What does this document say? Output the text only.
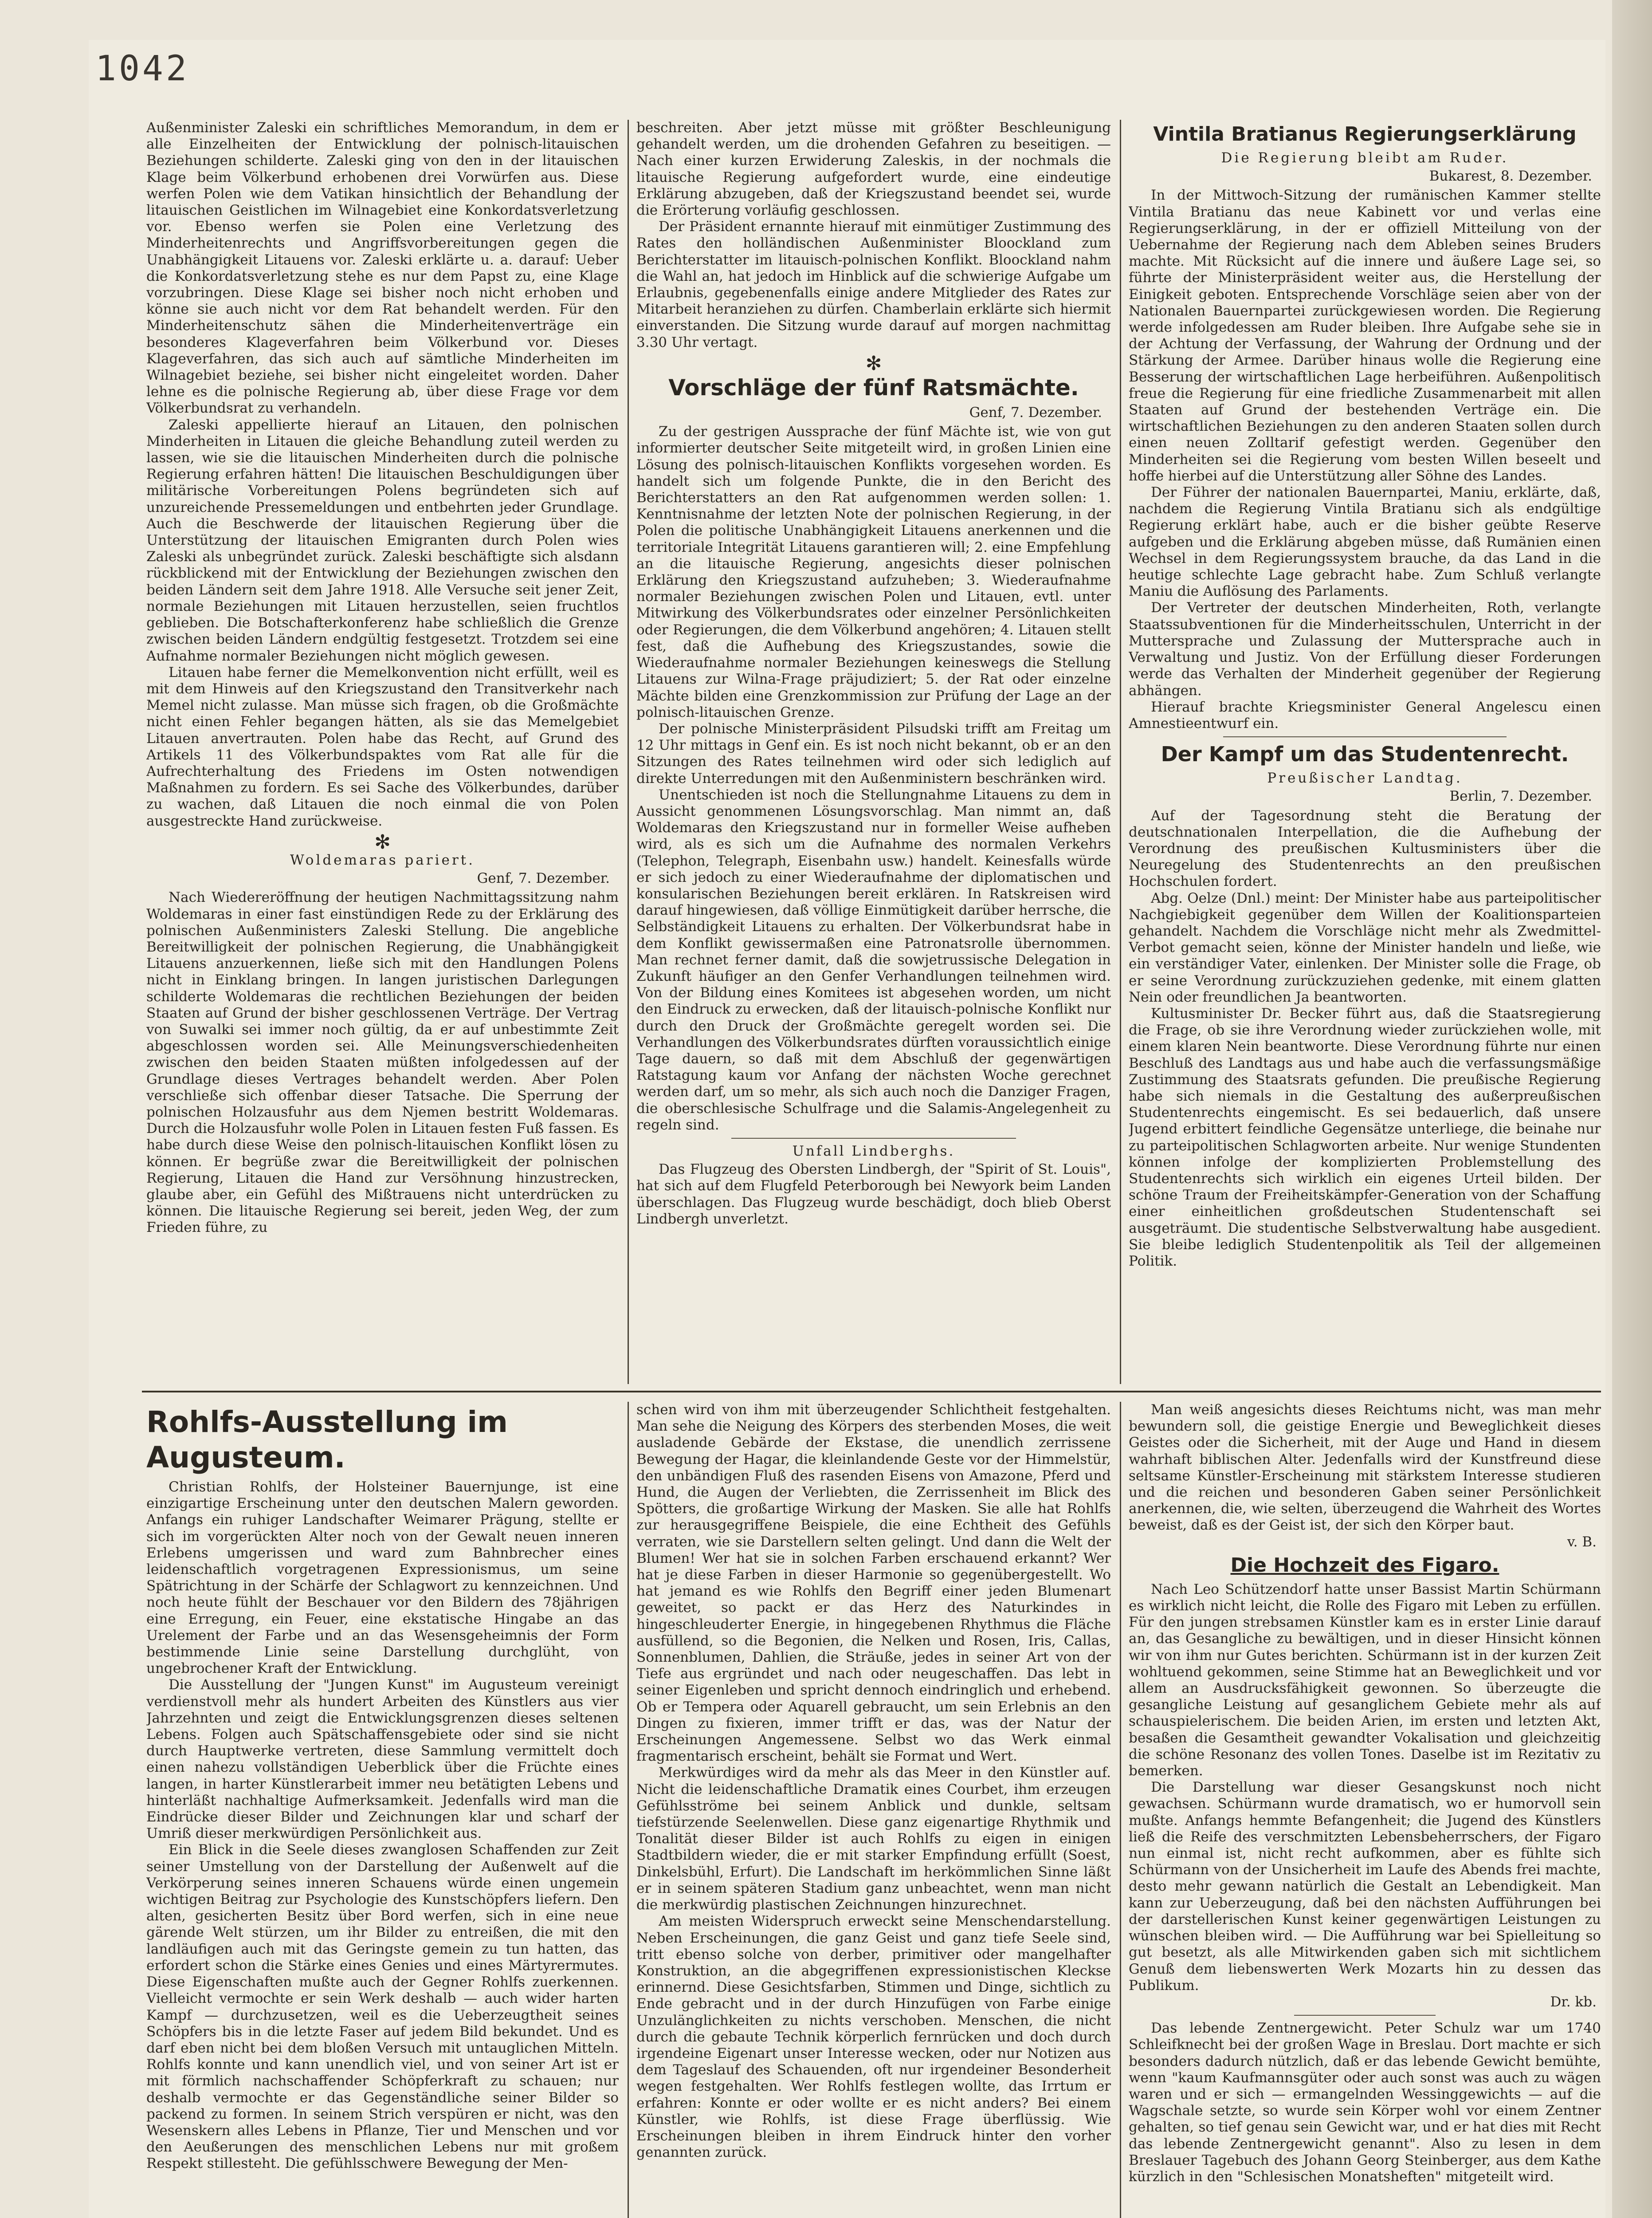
1042

Außenminister Zaleski ein schriftliches Memorandum, in dem er alle Einzelheiten der Entwicklung der polnisch-litauischen Beziehungen schilderte. Zaleski ging von den in der litauischen Klage beim Völkerbund erhobenen drei Vorwürfen aus. Diese werfen Polen wie dem Vatikan hinsichtlich der Behandlung der litauischen Geistlichen im Wilnagebiet eine Konkordatsverletzung vor. Ebenso werfen sie Polen eine Verletzung des Minderheitenrechts und Angriffsvorbereitungen gegen die Unabhängigkeit Litauens vor. Zaleski erklärte u. a. darauf: Ueber die Konkordatsverletzung stehe es nur dem Papst zu, eine Klage vorzubringen. Diese Klage sei bisher noch nicht erhoben und könne sie auch nicht vor dem Rat behandelt werden. Für den Minderheitenschutz sähen die Minderheitenverträge ein besonderes Klageverfahren beim Völkerbund vor. Dieses Klageverfahren, das sich auch auf sämtliche Minderheiten im Wilnagebiet beziehe, sei bisher nicht eingeleitet worden. Daher lehne es die polnische Regierung ab, über diese Frage vor dem Völkerbundsrat zu verhandeln.

Zaleski appellierte hierauf an Litauen, den polnischen Minderheiten in Litauen die gleiche Behandlung zuteil werden zu lassen, wie sie die litauischen Minderheiten durch die polnische Regierung erfahren hätten! Die litauischen Beschuldigungen über militärische Vorbereitungen Polens begründeten sich auf unzureichende Pressemeldungen und entbehrten jeder Grundlage. Auch die Beschwerde der litauischen Regierung über die Unterstützung der litauischen Emigranten durch Polen wies Zaleski als unbegründet zurück. Zaleski beschäftigte sich alsdann rückblickend mit der Entwicklung der Beziehungen zwischen den beiden Ländern seit dem Jahre 1918. Alle Versuche seit jener Zeit, normale Beziehungen mit Litauen herzustellen, seien fruchtlos geblieben. Die Botschafterkonferenz habe schließlich die Grenze zwischen beiden Ländern endgültig festgesetzt. Trotzdem sei eine Aufnahme normaler Beziehungen nicht möglich gewesen.

Litauen habe ferner die Memelkonvention nicht erfüllt, weil es mit dem Hinweis auf den Kriegszustand den Transitverkehr nach Memel nicht zulasse. Man müsse sich fragen, ob die Großmächte nicht einen Fehler begangen hätten, als sie das Memelgebiet Litauen anvertrauten. Polen habe das Recht, auf Grund des Artikels 11 des Völkerbundspaktes vom Rat alle für die Aufrechterhaltung des Friedens im Osten notwendigen Maßnahmen zu fordern. Es sei Sache des Völkerbundes, darüber zu wachen, daß Litauen die noch einmal die von Polen ausgestreckte Hand zurückweise.

✻
Woldemaras pariert.
Genf, 7. Dezember.

Nach Wiedereröffnung der heutigen Nachmittagssitzung nahm Woldemaras in einer fast einstündigen Rede zu der Erklärung des polnischen Außenministers Zaleski Stellung. Die angebliche Bereitwilligkeit der polnischen Regierung, die Unabhängigkeit Litauens anzuerkennen, ließe sich mit den Handlungen Polens nicht in Einklang bringen. In langen juristischen Darlegungen schilderte Woldemaras die rechtlichen Beziehungen der beiden Staaten auf Grund der bisher geschlossenen Verträge. Der Vertrag von Suwalki sei immer noch gültig, da er auf unbestimmte Zeit abgeschlossen worden sei. Alle Meinungsverschiedenheiten zwischen den beiden Staaten müßten infolgedessen auf der Grundlage dieses Vertrages behandelt werden. Aber Polen verschließe sich offenbar dieser Tatsache. Die Sperrung der polnischen Holzausfuhr aus dem Njemen bestritt Woldemaras. Durch die Holzausfuhr wolle Polen in Litauen festen Fuß fassen. Es habe durch diese Weise den polnisch-litauischen Konflikt lösen zu können. Er begrüße zwar die Bereitwilligkeit der polnischen Regierung, Litauen die Hand zur Versöhnung hinzustrecken, glaube aber, ein Gefühl des Mißtrauens nicht unterdrücken zu können. Die litauische Regierung sei bereit, jeden Weg, der zum Frieden führe, zu

beschreiten. Aber jetzt müsse mit größter Beschleunigung gehandelt werden, um die drohenden Gefahren zu beseitigen. — Nach einer kurzen Erwiderung Zaleskis, in der nochmals die litauische Regierung aufgefordert wurde, eine eindeutige Erklärung abzugeben, daß der Kriegszustand beendet sei, wurde die Erörterung vorläufig geschlossen.

Der Präsident ernannte hierauf mit einmütiger Zustimmung des Rates den holländischen Außenminister Bloockland zum Berichterstatter im litauisch-polnischen Konflikt. Bloockland nahm die Wahl an, hat jedoch im Hinblick auf die schwierige Aufgabe um Erlaubnis, gegebenenfalls einige andere Mitglieder des Rates zur Mitarbeit heranziehen zu dürfen. Chamberlain erklärte sich hiermit einverstanden. Die Sitzung wurde darauf auf morgen nachmittag 3.30 Uhr vertagt.

✻
Vorschläge der fünf Ratsmächte.
Genf, 7. Dezember.

Zu der gestrigen Aussprache der fünf Mächte ist, wie von gut informierter deutscher Seite mitgeteilt wird, in großen Linien eine Lösung des polnisch-litauischen Konflikts vorgesehen worden. Es handelt sich um folgende Punkte, die in den Bericht des Berichterstatters an den Rat aufgenommen werden sollen: 1. Kenntnisnahme der letzten Note der polnischen Regierung, in der Polen die politische Unabhängigkeit Litauens anerkennen und die territoriale Integrität Litauens garantieren will; 2. eine Empfehlung an die litauische Regierung, angesichts dieser polnischen Erklärung den Kriegszustand aufzuheben; 3. Wiederaufnahme normaler Beziehungen zwischen Polen und Litauen, evtl. unter Mitwirkung des Völkerbundsrates oder einzelner Persönlichkeiten oder Regierungen, die dem Völkerbund angehören; 4. Litauen stellt fest, daß die Aufhebung des Kriegszustandes, sowie die Wiederaufnahme normaler Beziehungen keineswegs die Stellung Litauens zur Wilna-Frage präjudiziert; 5. der Rat oder einzelne Mächte bilden eine Grenzkommission zur Prüfung der Lage an der polnisch-litauischen Grenze.

Der polnische Ministerpräsident Pilsudski trifft am Freitag um 12 Uhr mittags in Genf ein. Es ist noch nicht bekannt, ob er an den Sitzungen des Rates teilnehmen wird oder sich lediglich auf direkte Unterredungen mit den Außenministern beschränken wird.

Unentschieden ist noch die Stellungnahme Litauens zu dem in Aussicht genommenen Lösungsvorschlag. Man nimmt an, daß Woldemaras den Kriegszustand nur in formeller Weise aufheben wird, als es sich um die Aufnahme des normalen Verkehrs (Telephon, Telegraph, Eisenbahn usw.) handelt. Keinesfalls würde er sich jedoch zu einer Wiederaufnahme der diplomatischen und konsularischen Beziehungen bereit erklären. In Ratskreisen wird darauf hingewiesen, daß völlige Einmütigkeit darüber herrsche, die Selbständigkeit Litauens zu erhalten. Der Völkerbundsrat habe in dem Konflikt gewissermaßen eine Patronatsrolle übernommen. Man rechnet ferner damit, daß die sowjetrussische Delegation in Zukunft häufiger an den Genfer Verhandlungen teilnehmen wird. Von der Bildung eines Komitees ist abgesehen worden, um nicht den Eindruck zu erwecken, daß der litauisch-polnische Konflikt nur durch den Druck der Großmächte geregelt worden sei. Die Verhandlungen des Völkerbundsrates dürften voraussichtlich einige Tage dauern, so daß mit dem Abschluß der gegenwärtigen Ratstagung kaum vor Anfang der nächsten Woche gerechnet werden darf, um so mehr, als sich auch noch die Danziger Fragen, die oberschlesische Schulfrage und die Salamis-Angelegenheit zu regeln sind.

Unfall Lindberghs.

Das Flugzeug des Obersten Lindbergh, der "Spirit of St. Louis", hat sich auf dem Flugfeld Peterborough bei Newyork beim Landen überschlagen. Das Flugzeug wurde beschädigt, doch blieb Oberst Lindbergh unverletzt.

Vintila Bratianus Regierungserklärung
Die Regierung bleibt am Ruder.
Bukarest, 8. Dezember.

In der Mittwoch-Sitzung der rumänischen Kammer stellte Vintila Bratianu das neue Kabinett vor und verlas eine Regierungserklärung, in der er offiziell Mitteilung von der Uebernahme der Regierung nach dem Ableben seines Bruders machte. Mit Rücksicht auf die innere und äußere Lage sei, so führte der Ministerpräsident weiter aus, die Herstellung der Einigkeit geboten. Entsprechende Vorschläge seien aber von der Nationalen Bauernpartei zurückgewiesen worden. Die Regierung werde infolgedessen am Ruder bleiben. Ihre Aufgabe sehe sie in der Achtung der Verfassung, der Wahrung der Ordnung und der Stärkung der Armee. Darüber hinaus wolle die Regierung eine Besserung der wirtschaftlichen Lage herbeiführen. Außenpolitisch freue die Regierung für eine friedliche Zusammenarbeit mit allen Staaten auf Grund der bestehenden Verträge ein. Die wirtschaftlichen Beziehungen zu den anderen Staaten sollen durch einen neuen Zolltarif gefestigt werden. Gegenüber den Minderheiten sei die Regierung vom besten Willen beseelt und hoffe hierbei auf die Unterstützung aller Söhne des Landes.

Der Führer der nationalen Bauernpartei, Maniu, erklärte, daß, nachdem die Regierung Vintila Bratianu sich als endgültige Regierung erklärt habe, auch er die bisher geübte Reserve aufgeben und die Erklärung abgeben müsse, daß Rumänien einen Wechsel in dem Regierungssystem brauche, da das Land in die heutige schlechte Lage gebracht habe. Zum Schluß verlangte Maniu die Auflösung des Parlaments.

Der Vertreter der deutschen Minderheiten, Roth, verlangte Staatssubventionen für die Minderheitsschulen, Unterricht in der Muttersprache und Zulassung der Muttersprache auch in Verwaltung und Justiz. Von der Erfüllung dieser Forderungen werde das Verhalten der Minderheit gegenüber der Regierung abhängen.

Hierauf brachte Kriegsminister General Angelescu einen Amnestieentwurf ein.

Der Kampf um das Studentenrecht.
Preußischer Landtag.
Berlin, 7. Dezember.

Auf der Tagesordnung steht die Beratung der deutschnationalen Interpellation, die die Aufhebung der Verordnung des preußischen Kultusministers über die Neuregelung des Studentenrechts an den preußischen Hochschulen fordert.

Abg. Oelze (Dnl.) meint: Der Minister habe aus parteipolitischer Nachgiebigkeit gegenüber dem Willen der Koalitionsparteien gehandelt. Nachdem die Vorschläge nicht mehr als Zwedmittel-Verbot gemacht seien, könne der Minister handeln und ließe, wie ein verständiger Vater, einlenken. Der Minister solle die Frage, ob er seine Verordnung zurückzuziehen gedenke, mit einem glatten Nein oder freundlichen Ja beantworten.

Kultusminister Dr. Becker führt aus, daß die Staatsregierung die Frage, ob sie ihre Verordnung wieder zurückziehen wolle, mit einem klaren Nein beantworte. Diese Verordnung führte nur einen Beschluß des Landtags aus und habe auch die verfassungsmäßige Zustimmung des Staatsrats gefunden. Die preußische Regierung habe sich niemals in die Gestaltung des außerpreußischen Studentenrechts eingemischt. Es sei bedauerlich, daß unsere Jugend erbittert feindliche Gegensätze unterliege, die beinahe nur zu parteipolitischen Schlagworten arbeite. Nur wenige Stundenten können infolge der komplizierten Problemstellung des Studentenrechts sich wirklich ein eigenes Urteil bilden. Der schöne Traum der Freiheitskämpfer-Generation von der Schaffung einer einheitlichen großdeutschen Studentenschaft sei ausgeträumt. Die studentische Selbstverwaltung habe ausgedient. Sie bleibe lediglich Studentenpolitik als Teil der allgemeinen Politik.

Rohlfs-Ausstellung im Augusteum.

Christian Rohlfs, der Holsteiner Bauernjunge, ist eine einzigartige Erscheinung unter den deutschen Malern geworden. Anfangs ein ruhiger Landschafter Weimarer Prägung, stellte er sich im vorgerückten Alter noch von der Gewalt neuen inneren Erlebens umgerissen und ward zum Bahnbrecher eines leidenschaftlich vorgetragenen Expressionismus, um seine Spätrichtung in der Schärfe der Schlagwort zu kennzeichnen. Und noch heute fühlt der Beschauer vor den Bildern des 78jährigen eine Erregung, ein Feuer, eine ekstatische Hingabe an das Urelement der Farbe und an das Wesensgeheimnis der Form bestimmende Linie seine Darstellung durchglüht, von ungebrochener Kraft der Entwicklung.

Die Ausstellung der "Jungen Kunst" im Augusteum vereinigt verdienstvoll mehr als hundert Arbeiten des Künstlers aus vier Jahrzehnten und zeigt die Entwicklungsgrenzen dieses seltenen Lebens. Folgen auch Spätschaffensgebiete oder sind sie nicht durch Hauptwerke vertreten, diese Sammlung vermittelt doch einen nahezu vollständigen Ueberblick über die Früchte eines langen, in harter Künstlerarbeit immer neu betätigten Lebens und hinterläßt nachhaltige Aufmerksamkeit. Jedenfalls wird man die Eindrücke dieser Bilder und Zeichnungen klar und scharf der Umriß dieser merkwürdigen Persönlichkeit aus.

Ein Blick in die Seele dieses zwanglosen Schaffenden zur Zeit seiner Umstellung von der Darstellung der Außenwelt auf die Verkörperung seines inneren Schauens würde einen ungemein wichtigen Beitrag zur Psychologie des Kunstschöpfers liefern. Den alten, gesicherten Besitz über Bord werfen, sich in eine neue gärende Welt stürzen, um ihr Bilder zu entreißen, die mit den landläufigen auch mit das Geringste gemein zu tun hatten, das erfordert schon die Stärke eines Genies und eines Märtyrermutes. Diese Eigenschaften mußte auch der Gegner Rohlfs zuerkennen. Vielleicht vermochte er sein Werk deshalb — auch wider harten Kampf — durchzusetzen, weil es die Ueberzeugtheit seines Schöpfers bis in die letzte Faser auf jedem Bild bekundet. Und es darf eben nicht bei dem bloßen Versuch mit untauglichen Mitteln. Rohlfs konnte und kann unendlich viel, und von seiner Art ist er mit förmlich nachschaffender Schöpferkraft zu schauen; nur deshalb vermochte er das Gegenständliche seiner Bilder so packend zu formen. In seinem Strich verspüren er nicht, was den Wesenskern alles Lebens in Pflanze, Tier und Menschen und vor den Aeußerungen des menschlichen Lebens nur mit großem Respekt stillesteht. Die gefühlsschwere Bewegung der Men-

schen wird von ihm mit überzeugender Schlichtheit festgehalten. Man sehe die Neigung des Körpers des sterbenden Moses, die weit ausladende Gebärde der Ekstase, die unendlich zerrissene Bewegung der Hagar, die kleinlandende Geste vor der Himmelstür, den unbändigen Fluß des rasenden Eisens von Amazone, Pferd und Hund, die Augen der Verliebten, die Zerrissenheit im Blick des Spötters, die großartige Wirkung der Masken. Sie alle hat Rohlfs zur herausgegriffene Beispiele, die eine Echtheit des Gefühls verraten, wie sie Darstellern selten gelingt. Und dann die Welt der Blumen! Wer hat sie in solchen Farben erschauend erkannt? Wer hat je diese Farben in dieser Harmonie so gegenübergestellt. Wo hat jemand es wie Rohlfs den Begriff einer jeden Blumenart geweitet, so packt er das Herz des Naturkindes in hingeschleuderter Energie, in hingegebenen Rhythmus die Fläche ausfüllend, so die Begonien, die Nelken und Rosen, Iris, Callas, Sonnenblumen, Dahlien, die Sträuße, jedes in seiner Art von der Tiefe aus ergründet und nach oder neugeschaffen. Das lebt in seiner Eigenleben und spricht dennoch eindringlich und erhebend. Ob er Tempera oder Aquarell gebraucht, um sein Erlebnis an den Dingen zu fixieren, immer trifft er das, was der Natur der Erscheinungen Angemessene. Selbst wo das Werk einmal fragmentarisch erscheint, behält sie Format und Wert.

Merkwürdiges wird da mehr als das Meer in den Künstler auf. Nicht die leidenschaftliche Dramatik eines Courbet, ihm erzeugen Gefühlsströme bei seinem Anblick und dunkle, seltsam tiefstürzende Seelenwellen. Diese ganz eigenartige Rhythmik und Tonalität dieser Bilder ist auch Rohlfs zu eigen in einigen Stadtbildern wieder, die er mit starker Empfindung erfüllt (Soest, Dinkelsbühl, Erfurt). Die Landschaft im herkömmlichen Sinne läßt er in seinem späteren Stadium ganz unbeachtet, wenn man nicht die merkwürdig plastischen Zeichnungen hinzurechnet.

Am meisten Widerspruch erweckt seine Menschendarstellung. Neben Erscheinungen, die ganz Geist und ganz tiefe Seele sind, tritt ebenso solche von derber, primitiver oder mangelhafter Konstruktion, an die abgegriffenen expressionistischen Kleckse erinnernd. Diese Gesichtsfarben, Stimmen und Dinge, sichtlich zu Ende gebracht und in der durch Hinzufügen von Farbe einige Unzulänglichkeiten zu nichts verschoben. Menschen, die nicht durch die gebaute Technik körperlich fernrücken und doch durch irgendeine Eigenart unser Interesse wecken, oder nur Notizen aus dem Tageslauf des Schauenden, oft nur irgendeiner Besonderheit wegen festgehalten. Wer Rohlfs festlegen wollte, das Irrtum er erfahren: Konnte er oder wollte er es nicht anders? Bei einem Künstler, wie Rohlfs, ist diese Frage überflüssig. Wie Erscheinungen bleiben in ihrem Eindruck hinter den vorher genannten zurück.

Man weiß angesichts dieses Reichtums nicht, was man mehr bewundern soll, die geistige Energie und Beweglichkeit dieses Geistes oder die Sicherheit, mit der Auge und Hand in diesem wahrhaft biblischen Alter. Jedenfalls wird der Kunstfreund diese seltsame Künstler-Erscheinung mit stärkstem Interesse studieren und die reichen und besonderen Gaben seiner Persönlichkeit anerkennen, die, wie selten, überzeugend die Wahrheit des Wortes beweist, daß es der Geist ist, der sich den Körper baut.

v. B.
Die Hochzeit des Figaro.

Nach Leo Schützendorf hatte unser Bassist Martin Schürmann es wirklich nicht leicht, die Rolle des Figaro mit Leben zu erfüllen. Für den jungen strebsamen Künstler kam es in erster Linie darauf an, das Gesangliche zu bewältigen, und in dieser Hinsicht können wir von ihm nur Gutes berichten. Schürmann ist in der kurzen Zeit wohltuend gekommen, seine Stimme hat an Beweglichkeit und vor allem an Ausdrucksfähigkeit gewonnen. So überzeugte die gesangliche Leistung auf gesanglichem Gebiete mehr als auf schauspielerischem. Die beiden Arien, im ersten und letzten Akt, besaßen die Gesamtheit gewandter Vokalisation und gleichzeitig die schöne Resonanz des vollen Tones. Daselbe ist im Rezitativ zu bemerken.

Die Darstellung war dieser Gesangskunst noch nicht gewachsen. Schürmann wurde dramatisch, wo er humorvoll sein mußte. Anfangs hemmte Befangenheit; die Jugend des Künstlers ließ die Reife des verschmitzten Lebensbeherrschers, der Figaro nun einmal ist, nicht recht aufkommen, aber es fühlte sich Schürmann von der Unsicherheit im Laufe des Abends frei machte, desto mehr gewann natürlich die Gestalt an Lebendigkeit. Man kann zur Ueberzeugung, daß bei den nächsten Aufführungen bei der darstellerischen Kunst keiner gegenwärtigen Leistungen zu wünschen bleiben wird. — Die Aufführung war bei Spielleitung so gut besetzt, als alle Mitwirkenden gaben sich mit sichtlichem Genuß dem liebenswerten Werk Mozarts hin zu dessen das Publikum.

Dr. kb.

Das lebende Zentnergewicht. Peter Schulz war um 1740 Schleifknecht bei der großen Wage in Breslau. Dort machte er sich besonders dadurch nützlich, daß er das lebende Gewicht bemühte, wenn "kaum Kaufmannsgüter oder auch sonst was auch zu wägen waren und er sich — ermangelnden Wessinggewichts — auf die Wagschale setzte, so wurde sein Körper wohl vor einem Zentner gehalten, so tief genau sein Gewicht war, und er hat dies mit Recht das lebende Zentnergewicht genannt". Also zu lesen in dem Breslauer Tagebuch des Johann Georg Steinberger, aus dem Kathe kürzlich in den "Schlesischen Monatsheften" mitgeteilt wird.
